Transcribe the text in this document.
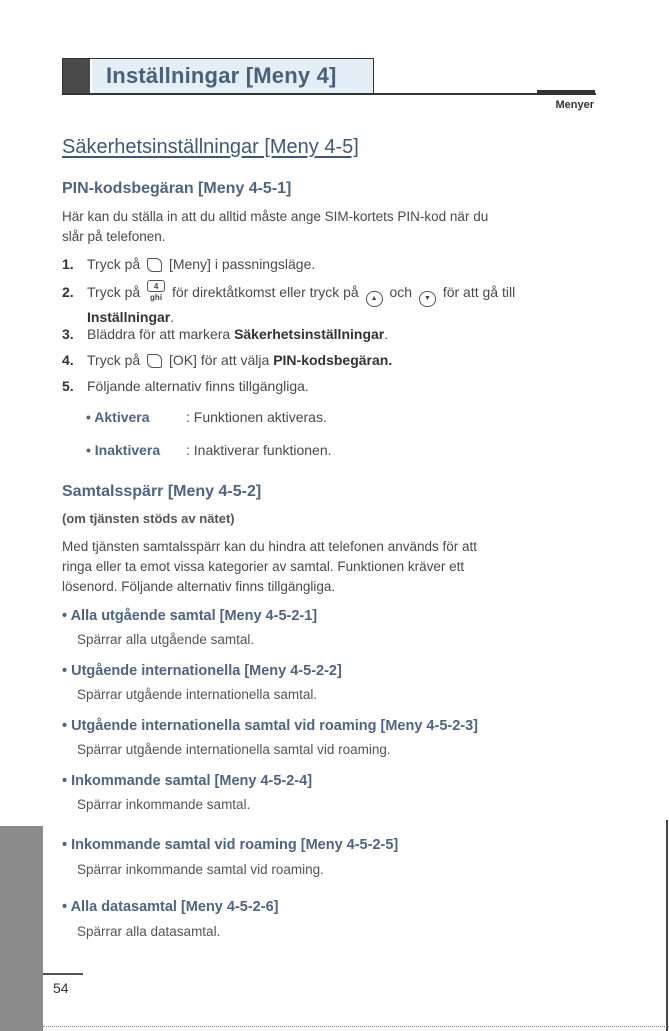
Inställningar [Meny 4]
Menyer
Säkerhetsinställningar [Meny 4-5]
PIN-kodsbegäran [Meny 4-5-1]
Här kan du ställa in att du alltid måste ange SIM-kortets PIN-kod när du
slår på telefonen.
1. Tryck på [Meny] i passningsläge.
2. Tryck på 4 ghi för direktåtkomst eller tryck på ▲ och ▼ för att gå till
Inställningar.
3. Bläddra för att markera Säkerhetsinställningar.
4. Tryck på [OK] för att välja PIN-kodsbegäran.
5. Följande alternativ finns tillgängliga.
• Aktivera	: Funktionen aktiveras.
• Inaktivera : Inaktiverar funktionen.
Samtalsspärr [Meny 4-5-2]
(om tjänsten stöds av nätet)
Med tjänsten samtalsspärr kan du hindra att telefonen används för att
ringa eller ta emot vissa kategorier av samtal. Funktionen kräver ett
lösenord. Följande alternativ finns tillgängliga.
• Alla utgående samtal [Meny 4-5-2-1]
Spärrar alla utgående samtal.
• Utgående internationella [Meny 4-5-2-2]
Spärrar utgående internationella samtal.
• Utgående internationella samtal vid roaming [Meny 4-5-2-3]
Spärrar utgående internationella samtal vid roaming.
• Inkommande samtal [Meny 4-5-2-4]
Spärrar inkommande samtal.
• Inkommande samtal vid roaming [Meny 4-5-2-5]
Spärrar inkommande samtal vid roaming.
• Alla datasamtal [Meny 4-5-2-6]
Spärrar alla datasamtal.
54
